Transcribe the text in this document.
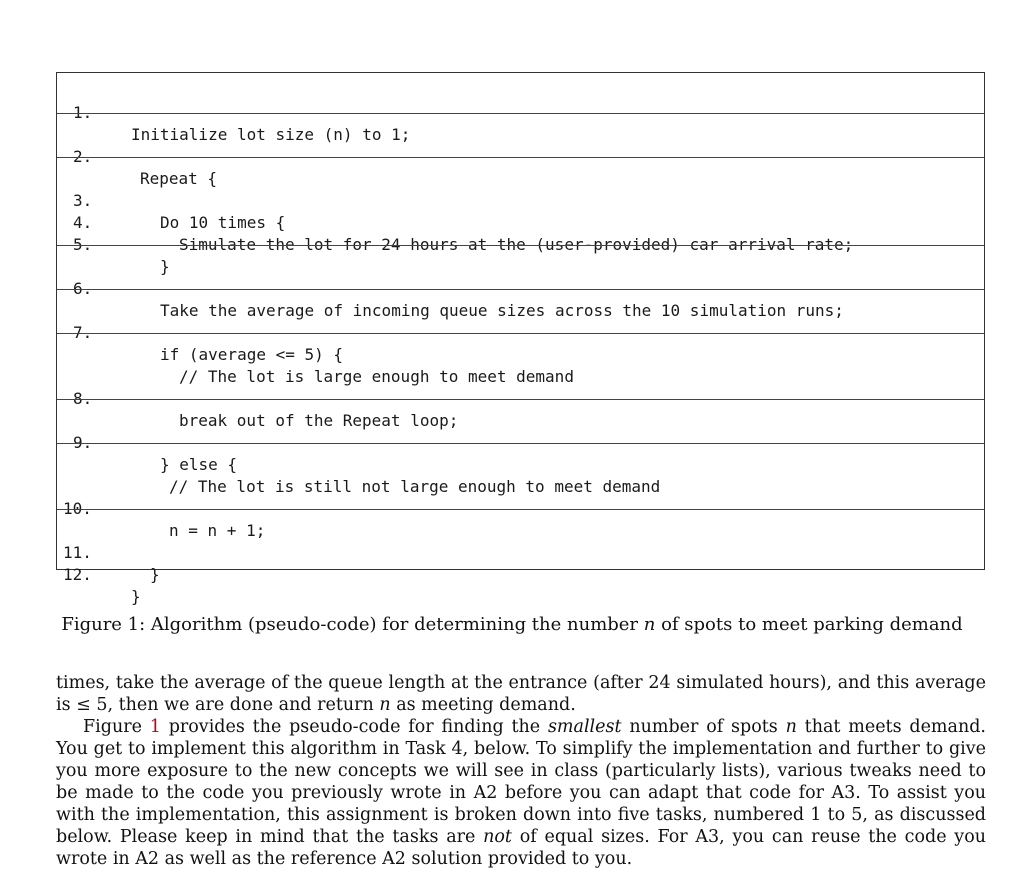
1.

Initialize lot size (n) to 1;

2.

Repeat {

3.

Do 10 times {

4.

Simulate the lot for 24 hours at the (user-provided) car arrival rate;

5.

}

6.

Take the average of incoming queue sizes across the 10 simulation runs;

7.

if (average <= 5) {

// The lot is large enough to meet demand

8.

break out of the Repeat loop;

9.

} else {

// The lot is still not large enough to meet demand

10.

n = n + 1;

11.

}

12.

}

Figure 1: Algorithm (pseudo-code) for determining the number n of spots to meet parking demand
times, take the average of the queue length at the entrance (after 24 simulated hours), and this average is ≤ 5, then we are done and return n as meeting demand.
Figure 1 provides the pseudo-code for finding the smallest number of spots n that meets demand. You get to implement this algorithm in Task 4, below. To simplify the implementation and further to give you more exposure to the new concepts we will see in class (particularly lists), various tweaks need to be made to the code you previously wrote in A2 before you can adapt that code for A3. To assist you with the implementation, this assignment is broken down into five tasks, numbered 1 to 5, as discussed below. Please keep in mind that the tasks are not of equal sizes. For A3, you can reuse the code you wrote in A2 as well as the reference A2 solution provided to you.
